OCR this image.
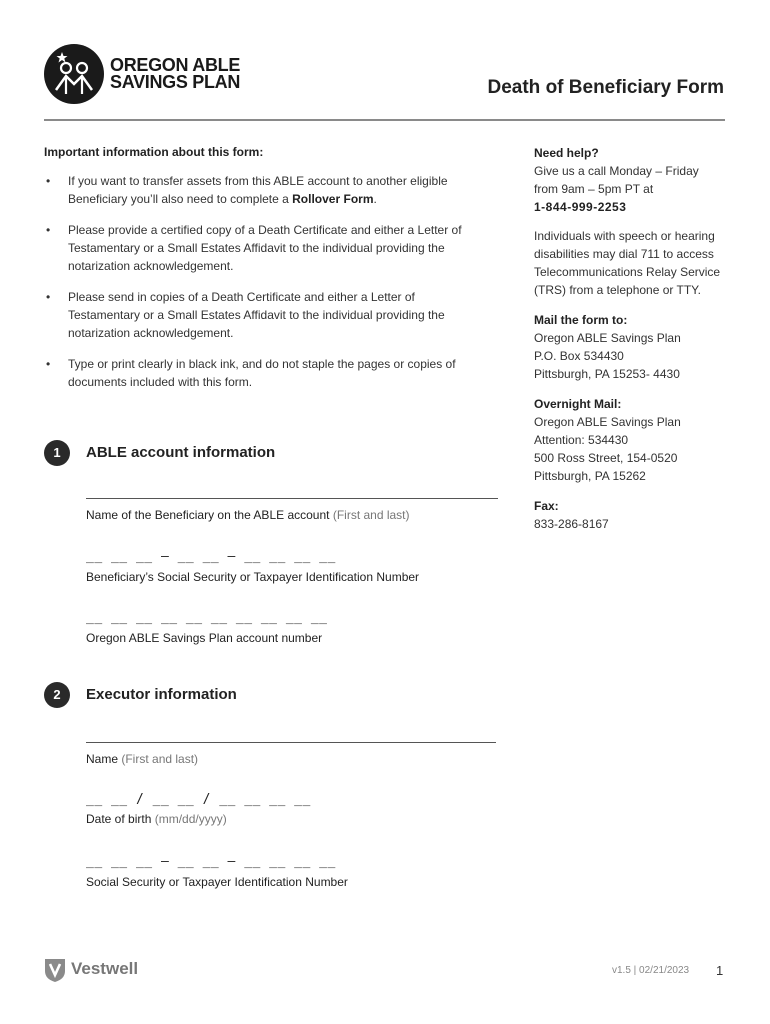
OREGON ABLE
SAVINGS PLAN	Death of Beneficiary Form
Important information about this form:
• If you want to transfer assets from this ABLE account to another eligible Beneficiary you’ll also need to complete a Rollover Form.
• Please provide a certified copy of a Death Certificate and either a Letter of Testamentary or a Small Estates Affidavit to the individual providing the notarization acknowledgement.
• Please send in copies of a Death Certificate and either a Letter of Testamentary or a Small Estates Affidavit to the individual providing the notarization acknowledgement.
• Type or print clearly in black ink, and do not staple the pages or copies of documents included with this form.

Need help?

Give us a call Monday – Friday

from 9am – 5pm PT at

1-844-999-2253

Individuals with speech or hearing disabilities may dial 711 to access Telecommunications Relay Service (TRS) from a telephone or TTY.

Mail the form to:

Oregon ABLE Savings Plan

P.O. Box 534430

Pittsburgh, PA 15253- 4430

Overnight Mail:

Oregon ABLE Savings Plan

Attention: 534430

500 Ross Street, 154-0520

Pittsburgh, PA 15262

Fax:

833-286-8167

1	ABLE account information
Name of the Beneficiary on the ABLE account (First and last)
__ __ __ – __ __ – __ __ __ __
Beneficiary’s Social Security or Taxpayer Identification Number
__ __ __ __ __ __ __ __ __ __
Oregon ABLE Savings Plan account number
2	Executor information
Name (First and last)
__ __ / __ __ / __ __ __ __
Date of birth (mm/dd/yyyy)
__ __ __ – __ __ – __ __ __ __
Social Security or Taxpayer Identification Number
Vestwell	v1.5 | 02/21/2023 1
